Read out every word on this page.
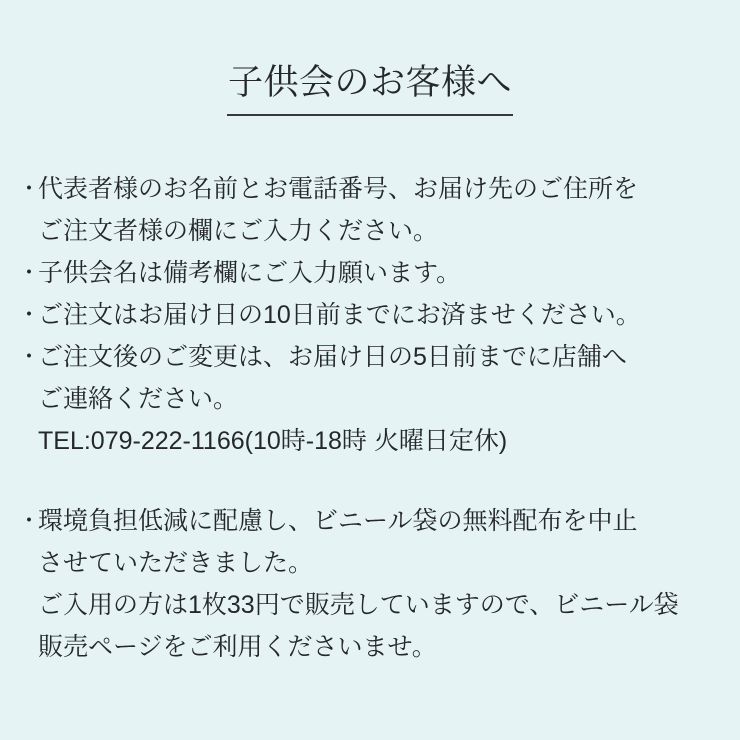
子供会のお客様へ
・
代表者様のお名前とお電話番号、お届け先のご住所を
ご注文者様の欄にご入力ください。
・
子供会名は備考欄にご入力願います。
・
ご注文はお届け日の10日前までにお済ませください。
・
ご注文後のご変更は、お届け日の5日前までに店舗へ
ご連絡ください。
TEL:079-222-1166(10時-18時 火曜日定休)
・
環境負担低減に配慮し、ビニール袋の無料配布を中止
させていただきました。
ご入用の方は1枚33円で販売していますので、ビニール袋
販売ページをご利用くださいませ。
